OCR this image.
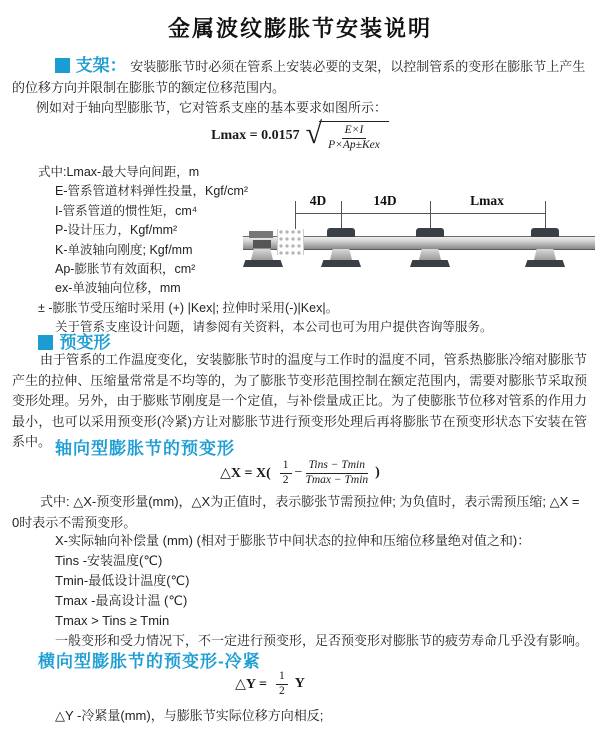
金属波纹膨胀节安装说明
支架： 安装膨胀节时必须在管系上安装必要的支架，以控制管系的变形在膨胀节上产生的位移方向并限制在膨胀节的额定位移范围内。
例如对于轴向型膨胀节，它对管系支座的基本要求如图所示：
Lmax = 0.0157 √ $\frac{E\times I}{\text{P×Ap±Kex}}$
式中:Lmax-最大导向间距，m
E-管系管道材料弹性投量，Kgf/cm²
I-管系管道的惯性矩，cm⁴
P-设计压力，Kgf/mm²
K-单波轴向刚度; Kgf/mm
Ap-膨胀节有效面积，cm²
ex-单波轴向位移，mm
± -膨胀节受压缩时采用 (+) |Kex|; 拉伸时采用(-)|Kex|。
关于管系支座设计问题，请参阅有关资料，本公司也可为用户提供咨询等服务。
4D	14D	Lmax
预变形
由于管系的工作温度变化，安装膨胀节时的温度与工作时的温度不同，管系热膨胀冷缩对膨胀节产生的拉伸、压缩量常常是不均等的，为了膨胀节变形范围控制在额定范围内，需要对膨胀节采取预变形处理。另外，由于膨账节刚度是一个定值，与补偿量成正比。为了使膨胀节位移对管系的作用力最小，也可以采用预变形(冷紧)方让对膨胀节进行预变形处理后再将膨胀节在预变形状态下安装在管系中。 轴向型膨胀节的预变形
△X = $X( \frac{1}{2} - \frac{\text{Tins − Tmin}}{Tmax - Tmin}$ )
式中: △X-预变形量(mm)，△X为正值时，表示膨张节需预拉伸; 为负值时，表示需预压缩; △X = 0时表示不需预变形。
X-实际轴向补偿量 (mm) (相对于膨胀节中间状态的拉伸和压缩位移量绝对值之和)：
Tins -安装温度(℃)
Tmin-最低设计温度(℃)
Tmax -最高设计温 (℃)
Tmax > Tins ≥ Tmin
一般变形和受力情况下，不一定进行预变形，足否预变形对膨胀节的疲劳寿命几乎没有影响。
横向型膨胀节的预变形-冷紧
△Y = $\frac{1}{2}$ Y
△Y -冷紧量(mm)，与膨胀节实际位移方向相反;
